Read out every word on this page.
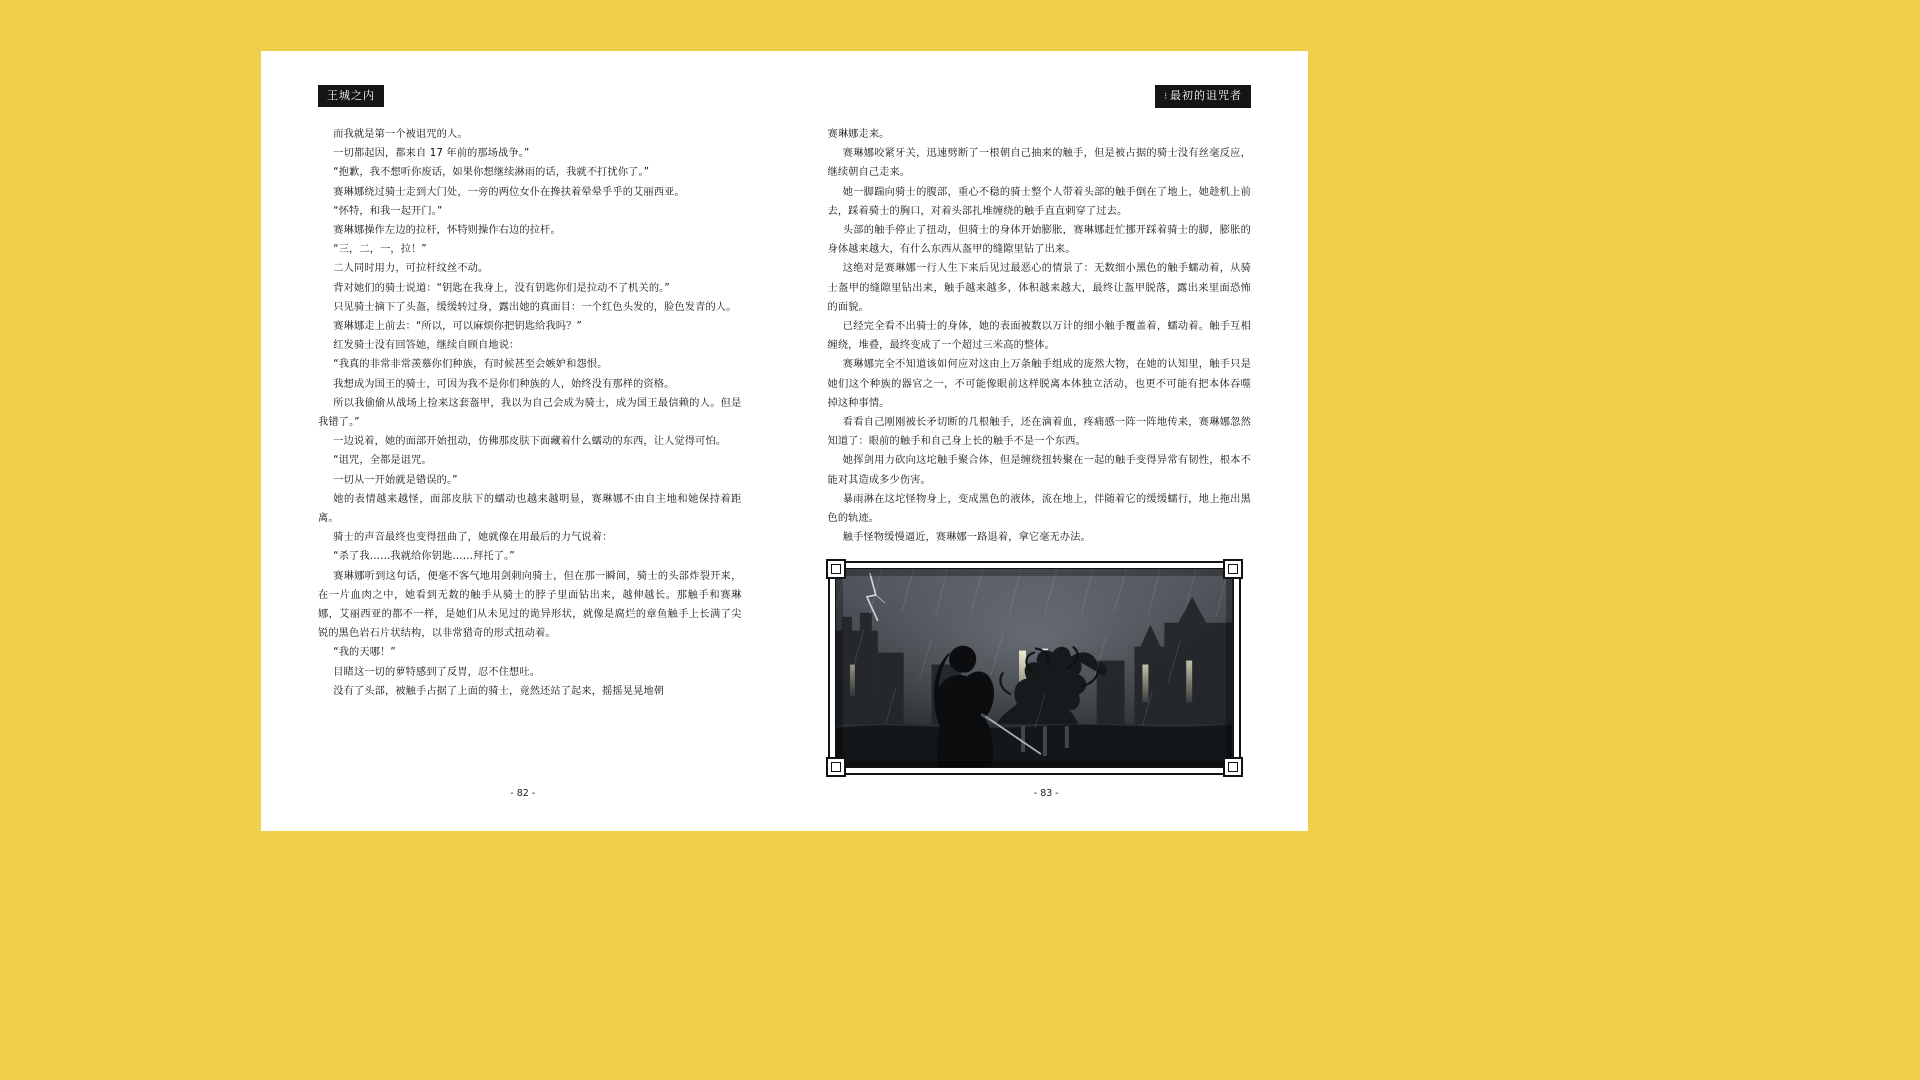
王城之内

而我就是第一个被诅咒的人。

一切都起因，都来自 17 年前的那场战争。”

“抱歉，我不想听你废话，如果你想继续淋雨的话，我就不打扰你了。”

赛琳娜绕过骑士走到大门处，一旁的两位女仆在搀扶着晕晕乎乎的艾丽西亚。

“怀特，和我一起开门。”

赛琳娜操作左边的拉杆，怀特则操作右边的拉杆。

“三，二，一，拉！”

二人同时用力，可拉杆纹丝不动。

背对她们的骑士说道：“钥匙在我身上，没有钥匙你们是拉动不了机关的。”

只见骑士摘下了头盔，缓缓转过身，露出她的真面目：一个红色头发的，脸色发青的人。

赛琳娜走上前去：“所以，可以麻烦你把钥匙给我吗？”

红发骑士没有回答她，继续自顾自地说：

“我真的非常非常羡慕你们种族，有时候甚至会嫉妒和怨恨。

我想成为国王的骑士，可因为我不是你们种族的人，始终没有那样的资格。

所以我偷偷从战场上捡来这套盔甲，我以为自己会成为骑士，成为国王最信赖的人。但是我错了。”

一边说着，她的面部开始扭动，仿佛那皮肤下面藏着什么蠕动的东西，让人觉得可怕。

“诅咒，全都是诅咒。

一切从一开始就是错误的。”

她的表情越来越怪，面部皮肤下的蠕动也越来越明显，赛琳娜不由自主地和她保持着距离。

骑士的声音最终也变得扭曲了，她就像在用最后的力气说着：

“杀了我……我就给你钥匙……拜托了。”

赛琳娜听到这句话，便毫不客气地用剑刺向骑士，但在那一瞬间，骑士的头部炸裂开来，在一片血肉之中，她看到无数的触手从骑士的脖子里面钻出来，越伸越长。那触手和赛琳娜，艾丽西亚的都不一样，是她们从未见过的诡异形状，就像是腐烂的章鱼触手上长满了尖锐的黑色岩石片状结构，以非常猎奇的形式扭动着。

“我的天哪！”

目睹这一切的萝特感到了反胃，忍不住想吐。

没有了头部，被触手占据了上面的骑士，竟然还站了起来，摇摇晃晃地朝

- 82 -
⁝ 最初的诅咒者

赛琳娜走来。

赛琳娜咬紧牙关，迅速劈断了一根朝自己抽来的触手，但是被占据的骑士没有丝毫反应，继续朝自己走来。

她一脚踹向骑士的腹部，重心不稳的骑士整个人带着头部的触手倒在了地上，她趁机上前去，踩着骑士的胸口，对着头部扎堆缠绕的触手直直刺穿了过去。

头部的触手停止了扭动，但骑士的身体开始膨胀，赛琳娜赶忙挪开踩着骑士的脚，膨胀的身体越来越大，有什么东西从盔甲的缝隙里钻了出来。

这绝对是赛琳娜一行人生下来后见过最恶心的情景了：无数细小黑色的触手蠕动着，从骑士盔甲的缝隙里钻出来，触手越来越多，体积越来越大，最终让盔甲脱落，露出来里面恐怖的面貌。

已经完全看不出骑士的身体，她的表面被数以万计的细小触手覆盖着，蠕动着。触手互相缠绕，堆叠，最终变成了一个超过三米高的整体。

赛琳娜完全不知道该如何应对这由上万条触手组成的庞然大物，在她的认知里，触手只是她们这个种族的器官之一，不可能像眼前这样脱离本体独立活动，也更不可能有把本体吞噬掉这种事情。

看看自己刚刚被长矛切断的几根触手，还在滴着血，疼痛感一阵一阵地传来，赛琳娜忽然知道了：眼前的触手和自己身上长的触手不是一个东西。

她挥剑用力砍向这坨触手聚合体，但是缠绕扭转聚在一起的触手变得异常有韧性，根本不能对其造成多少伤害。

暴雨淋在这坨怪物身上，变成黑色的液体，流在地上，伴随着它的缓缓蠕行，地上拖出黑色的轨迹。

触手怪物缓慢逼近，赛琳娜一路退着，拿它毫无办法。

- 83 -
